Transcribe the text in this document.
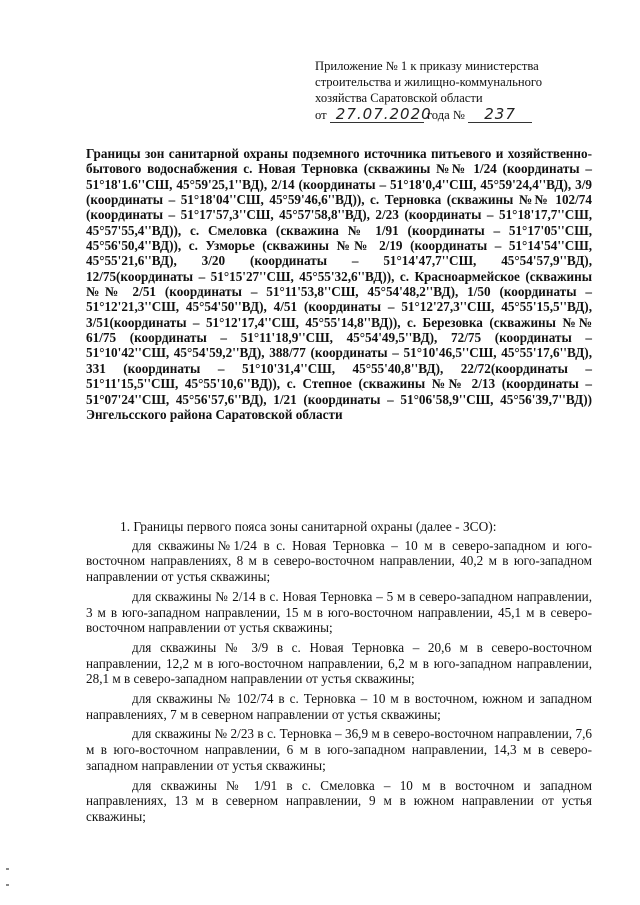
Приложение № 1 к приказу министерства
строительства и жилищно-коммунального
хозяйства Саратовской области
от 27.07.2020 года № 237

Границы зон санитарной охраны подземного источника питьевого и хозяйственно-бытового водоснабжения с. Новая Терновка (скважины №№ 1/24 (координаты – 51°18'1.6''СШ, 45°59'25,1''ВД), 2/14 (координаты – 51°18'0,4''СШ, 45°59'24,4''ВД), 3/9 (координаты – 51°18'04''СШ, 45°59'46,6''ВД)), с. Терновка (скважины №№ 102/74 (координаты – 51°17'57,3''СШ, 45°57'58,8''ВД), 2/23 (координаты – 51°18'17,7''СШ, 45°57'55,4''ВД)), с. Смеловка (скважина № 1/91 (координаты – 51°17'05''СШ, 45°56'50,4''ВД)), с. Узморье (скважины №№ 2/19 (координаты – 51°14'54''СШ, 45°55'21,6''ВД), 3/20 (координаты – 51°14'47,7''СШ, 45°54'57,9''ВД), 12/75(координаты – 51°15'27''СШ, 45°55'32,6''ВД)), с. Красноармейское (скважины №№ 2/51 (координаты – 51°11'53,8''СШ, 45°54'48,2''ВД), 1/50 (координаты – 51°12'21,3''СШ, 45°54'50''ВД), 4/51 (координаты – 51°12'27,3''СШ, 45°55'15,5''ВД), 3/51(координаты – 51°12'17,4''СШ, 45°55'14,8''ВД)), с. Березовка (скважины №№ 61/75 (координаты – 51°11'18,9''СШ, 45°54'49,5''ВД), 72/75 (координаты – 51°10'42''СШ, 45°54'59,2''ВД), 388/77 (координаты – 51°10'46,5''СШ, 45°55'17,6''ВД), 331 (координаты – 51°10'31,4''СШ, 45°55'40,8''ВД), 22/72(координаты – 51°11'15,5''СШ, 45°55'10,6''ВД)), с. Степное (скважины №№ 2/13 (координаты – 51°07'24''СШ, 45°56'57,6''ВД), 1/21 (координаты – 51°06'58,9''СШ, 45°56'39,7''ВД)) Энгельсского района Саратовской области

1. Границы первого пояса зоны санитарной охраны (далее - ЗСО):

для скважины№1/24 в с. Новая Терновка – 10 м в северо-западном и юго-восточном направлениях, 8 м в северо-восточном направлении, 40,2 м в юго-западном направлении от устья скважины;

для скважины № 2/14 в с. Новая Терновка – 5 м в северо-западном направлении, 3 м в юго-западном направлении, 15 м в юго-восточном направлении, 45,1 м в северо-восточном направлении от устья скважины;

для скважины № 3/9 в с. Новая Терновка – 20,6 м в северо-восточном направлении, 12,2 м в юго-восточном направлении, 6,2 м в юго-западном направлении, 28,1 м в северо-западном направлении от устья скважины;

для скважины № 102/74 в с. Терновка – 10 м в восточном, южном и западном направлениях, 7 м в северном направлении от устья скважины;

для скважины № 2/23 в с. Терновка – 36,9 м в северо-восточном направлении, 7,6 м в юго-восточном направлении, 6 м в юго-западном направлении, 14,3 м в северо-западном направлении от устья скважины;

для скважины № 1/91 в с. Смеловка – 10 м в восточном и западном направлениях, 13 м в северном направлении, 9 м в южном направлении от устья скважины;
